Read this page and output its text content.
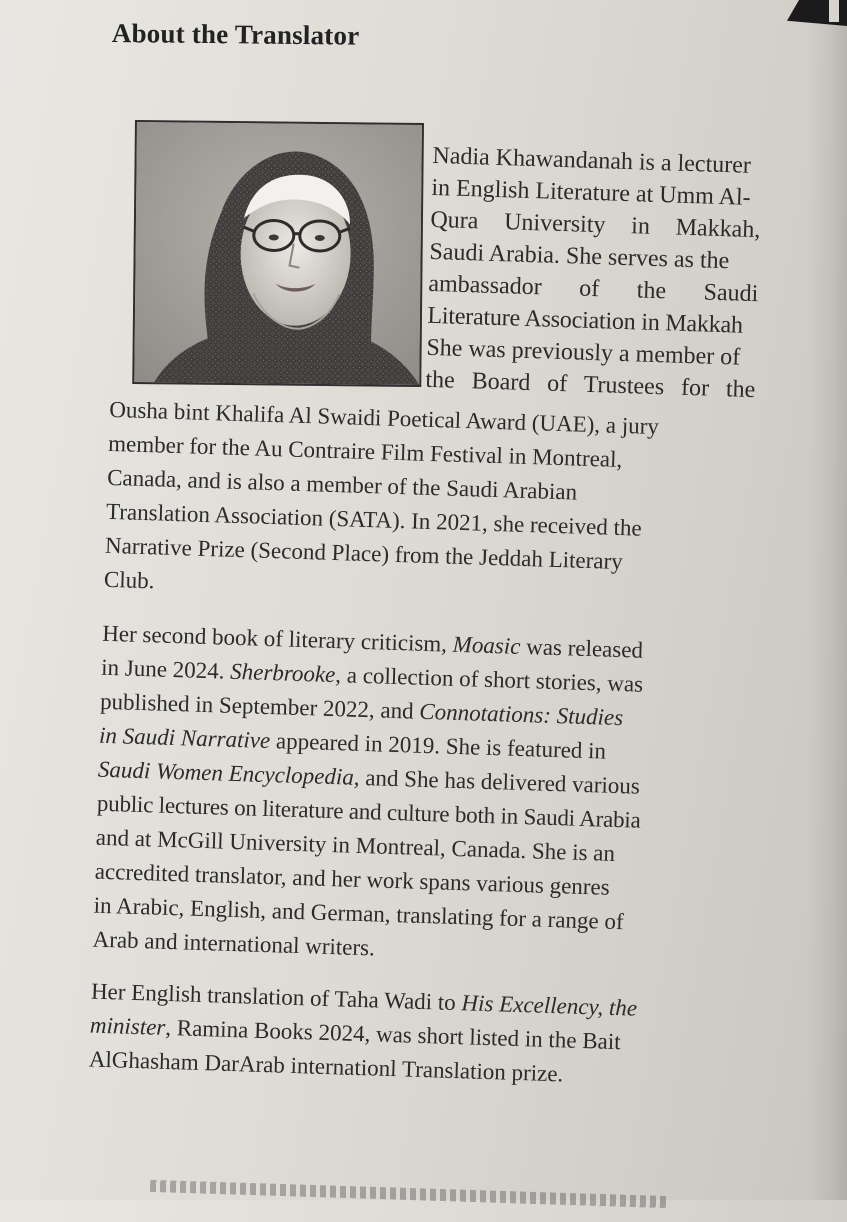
About the Translator
Nadia Khawandanah is a lecturer
in English Literature at Umm Al-
Qura University in Makkah,
Saudi Arabia. She serves as the
ambassador of the Saudi
Literature Association in Makkah
She was previously a member of
the Board of Trustees for the
Ousha bint Khalifa Al Swaidi Poetical Award (UAE), a jury
member for the Au Contraire Film Festival in Montreal,
Canada, and is also a member of the Saudi Arabian
Translation Association (SATA). In 2021, she received the
Narrative Prize (Second Place) from the Jeddah Literary
Club.
Her second book of literary criticism, Moasic was released
in June 2024. Sherbrooke, a collection of short stories, was
published in September 2022, and Connotations: Studies
in Saudi Narrative appeared in 2019. She is featured in
Saudi Women Encyclopedia, and She has delivered various
public lectures on literature and culture both in Saudi Arabia
and at McGill University in Montreal, Canada. She is an
accredited translator, and her work spans various genres
in Arabic, English, and German, translating for a range of
Arab and international writers.
Her English translation of Taha Wadi to His Excellency, the
minister, Ramina Books 2024, was short listed in the Bait
AlGhasham DarArab internationl Translation prize.
